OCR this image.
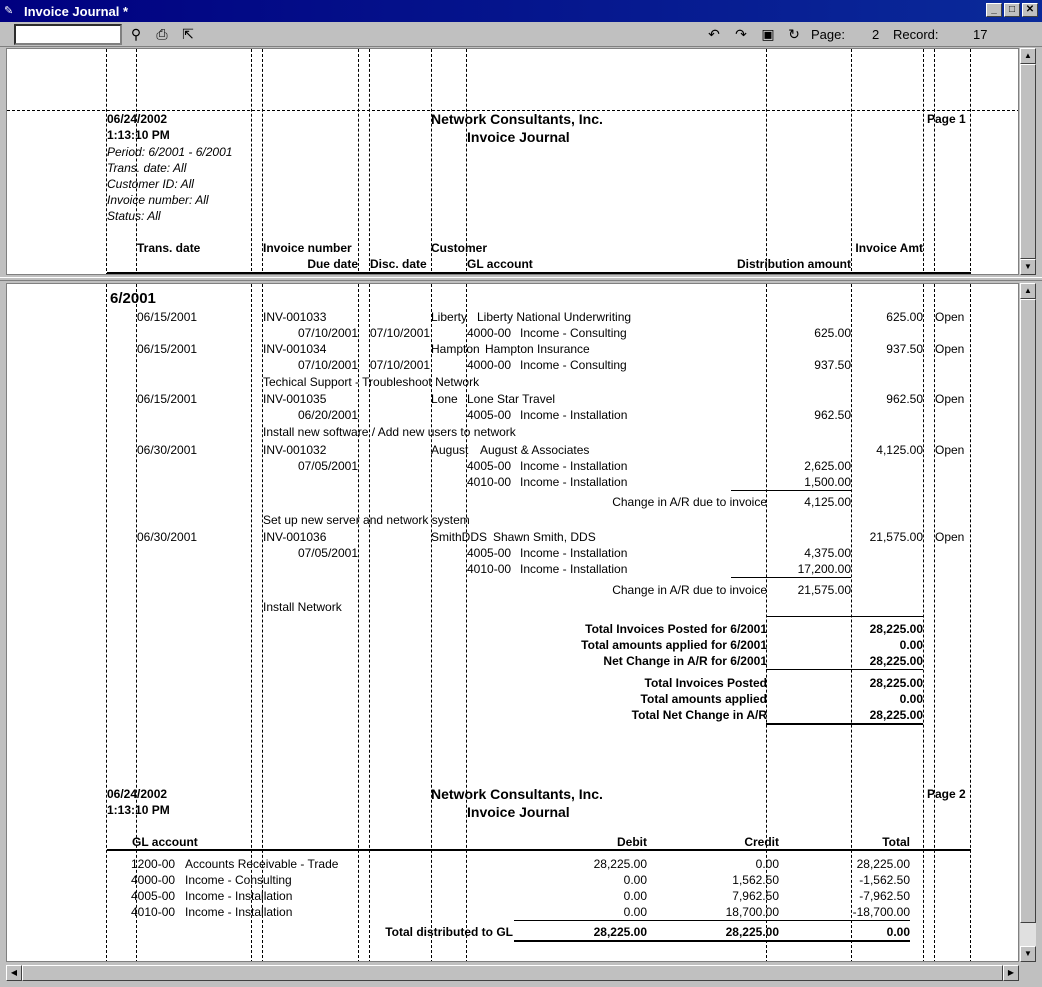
✎ Invoice Journal *	_	□	✕
⚲	⎙	⇱	↶ ↷ ▣ ↻ Page: 2 Record:	17
06/24/2002
1:13:10 PM
Network Consultants, Inc.
Invoice Journal
Page 1
Period: 6/2001 - 6/2001
Trans. date: All
Customer ID: All
Invoice number: All
Status: All
Trans. date	Invoice number	Customer	Invoice Amt
Due date Disc. date	GL account	Distribution amount
▲
▼
6/2001
06/15/2001	INV-001033	Liberty Liberty National Underwriting	625.00 Open
07/10/2001 07/10/2001	4000-00 Income - Consulting	625.00
06/15/2001	INV-001034	Hampton Hampton Insurance	937.50 Open
07/10/2001 07/10/2001	4000-00 Income - Consulting	937.50
Techical Support - Troubleshoot Network
06/15/2001	INV-001035	Lone Lone Star Travel	962.50 Open
06/20/2001	4005-00 Income - Installation	962.50
Install new software / Add new users to network
06/30/2001	INV-001032	August August & Associates	4,125.00 Open
07/05/2001	4005-00 Income - Installation	2,625.00
4010-00 Income - Installation	1,500.00
Change in A/R due to invoice	4,125.00
Set up new server and network system
06/30/2001	INV-001036	SmithDDS Shawn Smith, DDS	21,575.00 Open
07/05/2001	4005-00 Income - Installation	4,375.00
4010-00 Income - Installation	17,200.00
Change in A/R due to invoice	21,575.00
Install Network
Total Invoices Posted for 6/2001	28,225.00
Total amounts applied for 6/2001	0.00
Net Change in A/R for 6/2001	28,225.00
Total Invoices Posted	28,225.00
Total amounts applied	0.00
Total Net Change in A/R	28,225.00
06/24/2002
1:13:10 PM
Network Consultants, Inc.
Invoice Journal
Page 2
GL account	Debit	Credit	Total
1200-00 Accounts Receivable - Trade	28,225.00	0.00	28,225.00
4000-00 Income - Consulting	0.00	1,562.50	-1,562.50
4005-00 Income - Installation	0.00	7,962.50	-7,962.50
4010-00 Income - Installation	0.00	18,700.00	-18,700.00
Total distributed to GL	28,225.00	28,225.00	0.00
▲
▼
◀	▶
